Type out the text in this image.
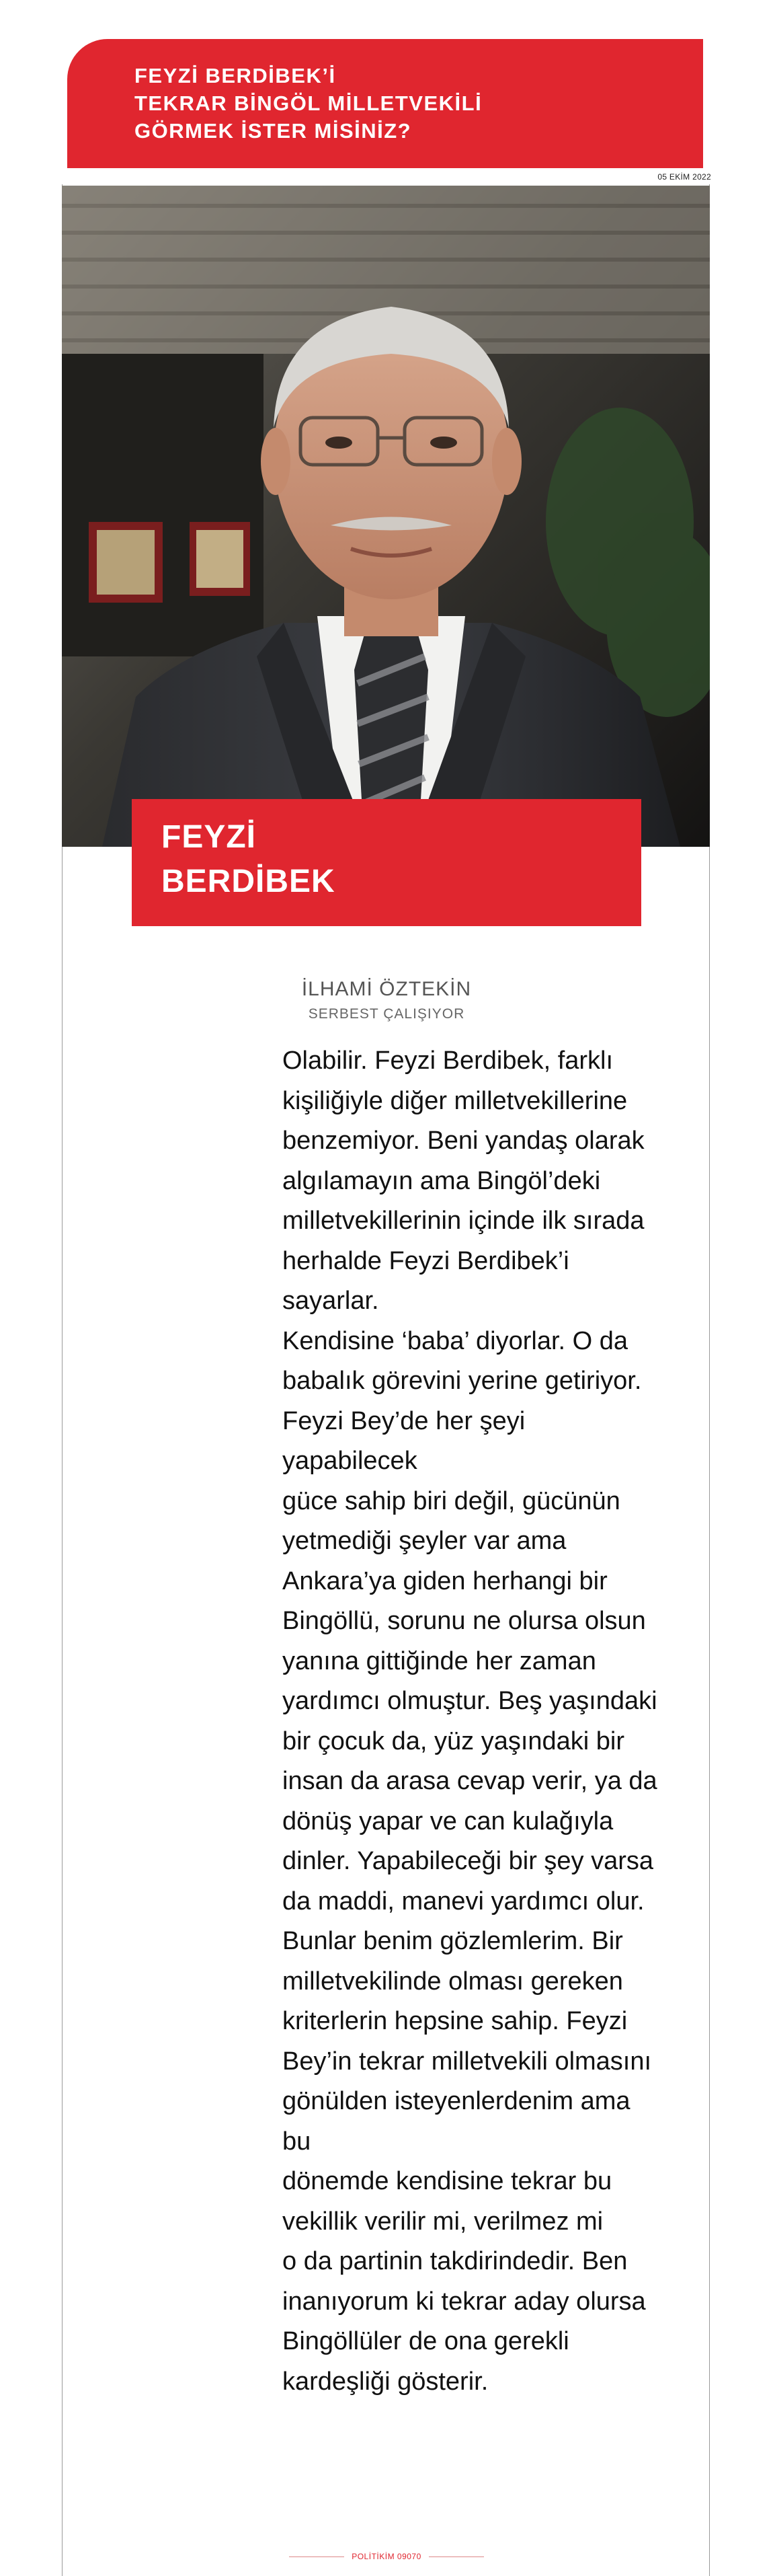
FEYZİ BERDİBEK’İ
TEKRAR BİNGÖL MİLLETVEKİLİ
GÖRMEK İSTER MİSİNİZ?
05 EKİM 2022
FEYZİ
BERDİBEK
İLHAMİ ÖZTEKİN
SERBEST ÇALIŞIYOR

Olabilir. Feyzi Berdibek, farklı
kişiliğiyle diğer milletvekillerine
benzemiyor. Beni yandaş olarak
algılamayın ama Bingöl’deki
milletvekillerinin içinde ilk sırada
herhalde Feyzi Berdibek’i sayarlar.
Kendisine ‘baba’ diyorlar. O da
babalık görevini yerine getiriyor.
Feyzi Bey’de her şeyi yapabilecek
güce sahip biri değil, gücünün
yetmediği şeyler var ama
Ankara’ya giden herhangi bir
Bingöllü, sorunu ne olursa olsun
yanına gittiğinde her zaman
yardımcı olmuştur. Beş yaşındaki
bir çocuk da, yüz yaşındaki bir
insan da arasa cevap verir, ya da
dönüş yapar ve can kulağıyla
dinler. Yapabileceği bir şey varsa
da maddi, manevi yardımcı olur.
Bunlar benim gözlemlerim. Bir
milletvekilinde olması gereken
kriterlerin hepsine sahip. Feyzi
Bey’in tekrar milletvekili olmasını
gönülden isteyenlerdenim ama bu
dönemde kendisine tekrar bu
vekillik verilir mi, verilmez mi
o da partinin takdirindedir. Ben
inanıyorum ki tekrar aday olursa
Bingöllüler de ona gerekli
kardeşliği gösterir.

POLİTİKİM 09070
